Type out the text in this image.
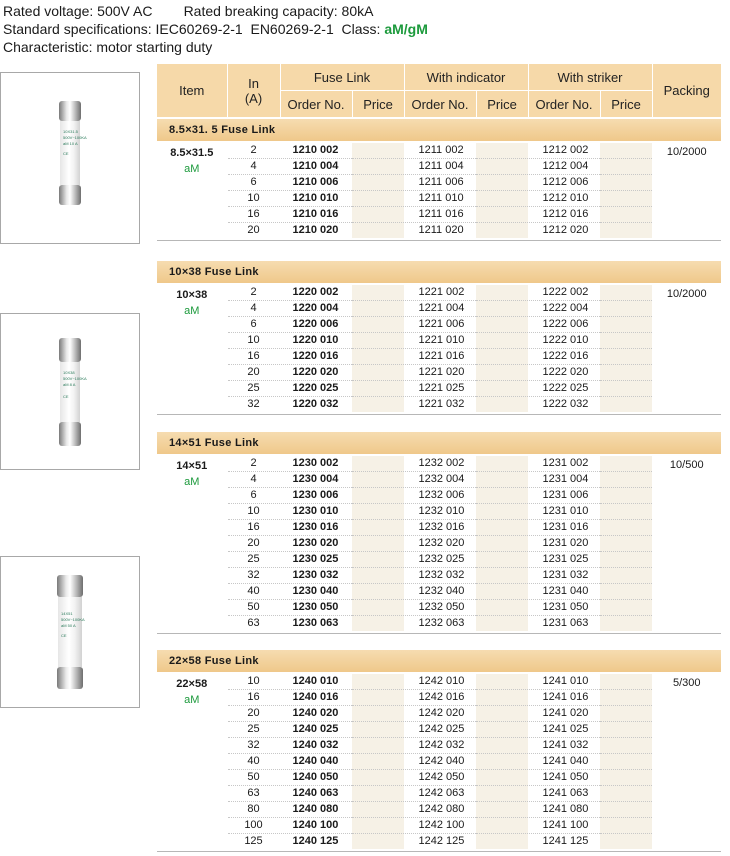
Rated voltage: 500V AC Rated breaking capacity: 80kA
Standard specifications: IEC60269-2-1  EN60269-2-1  Class: aM/gM
Characteristic: motor starting duty
10X31.5
500V~100KA
aM 10 A
CE
10X38
500V~100KA
aM 8 A
CE
14X51
500V~100KA
aM 50 A
CE
Item	In
(A)	Fuse Link		With indicator		With striker		Packing
		Order No.	Price	Order No.	Price	Order No.	Price	
8.5×31. 5 Fuse Link
8.5×31.5
aM	2	1210 002		1211 002		1212 002		10/2000
	4	1210 004		1211 004		1212 004		
	6	1210 006		1211 006		1212 006		
	10	1210 010		1211 010		1212 010		
	16	1210 016		1211 016		1212 016		
	20	1210 020		1211 020		1212 020		
10×38 Fuse Link
10×38
aM	2	1220 002		1221 002		1222 002		10/2000
	4	1220 004		1221 004		1222 004		
	6	1220 006		1221 006		1222 006		
	10	1220 010		1221 010		1222 010		
	16	1220 016		1221 016		1222 016		
	20	1220 020		1221 020		1222 020		
	25	1220 025		1221 025		1222 025		
	32	1220 032		1221 032		1222 032		
14×51 Fuse Link
14×51
aM	2	1230 002		1232 002		1231 002		10/500
	4	1230 004		1232 004		1231 004		
	6	1230 006		1232 006		1231 006		
	10	1230 010		1232 010		1231 010		
	16	1230 016		1232 016		1231 016		
	20	1230 020		1232 020		1231 020		
	25	1230 025		1232 025		1231 025		
	32	1230 032		1232 032		1231 032		
	40	1230 040		1232 040		1231 040		
	50	1230 050		1232 050		1231 050		
	63	1230 063		1232 063		1231 063		
22×58 Fuse Link
22×58
aM	10	1240 010		1242 010		1241 010		5/300
	16	1240 016		1242 016		1241 016		
	20	1240 020		1242 020		1241 020		
	25	1240 025		1242 025		1241 025		
	32	1240 032		1242 032		1241 032		
	40	1240 040		1242 040		1241 040		
	50	1240 050		1242 050		1241 050		
	63	1240 063		1242 063		1241 063		
	80	1240 080		1242 080		1241 080		
	100	1240 100		1242 100		1241 100		
	125	1240 125		1242 125		1241 125		
